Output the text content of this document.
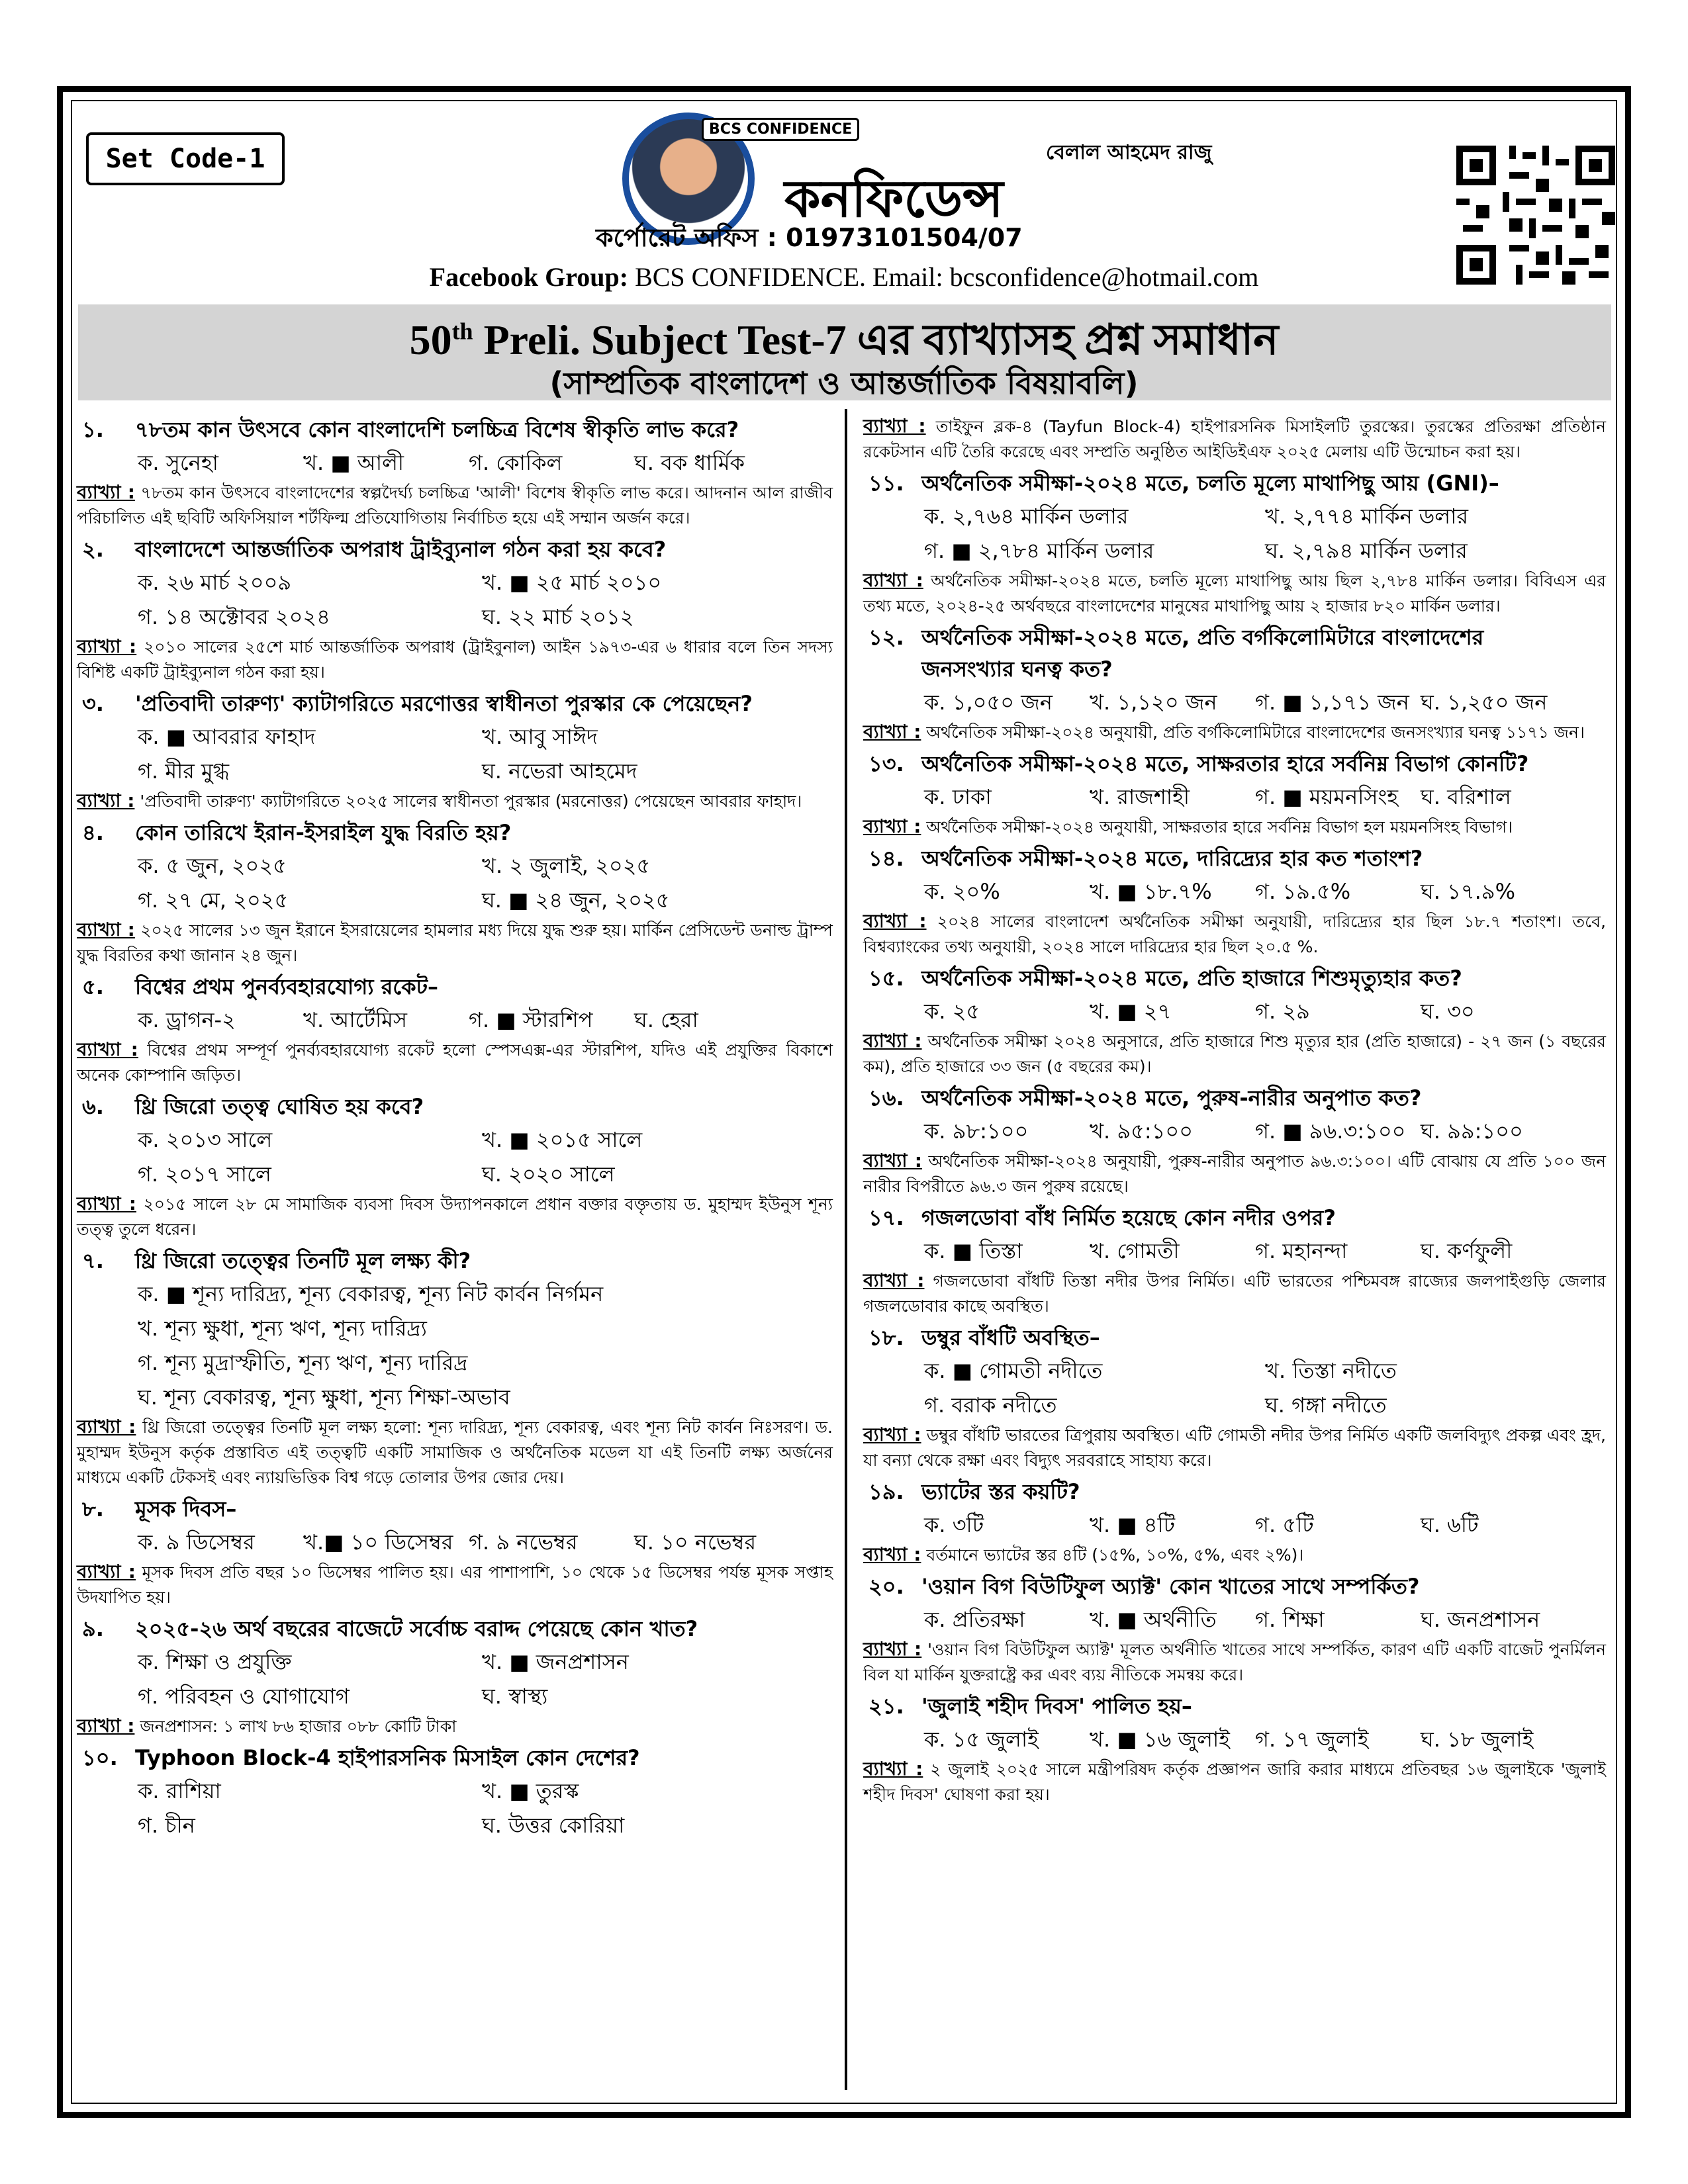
Set Code-1
BCS CONFIDENCE
বেলাল আহমেদ রাজু
কনফিডেন্স
কর্পোরেট অফিস : 01973101504/07
Facebook Group: BCS CONFIDENCE. Email: bcsconfidence@hotmail.com
50th Preli. Subject Test-7 এর ব্যাখ্যাসহ প্রশ্ন সমাধান
(সাম্প্রতিক বাংলাদেশ ও আন্তর্জাতিক বিষয়াবলি)
১. ৭৮তম কান উৎসবে কোন বাংলাদেশি চলচ্চিত্র বিশেষ স্বীকৃতি লাভ করে?
ক. সুনেহা	খ. ■ আলী	গ. কোকিল	ঘ. বক ধার্মিক
ব্যাখ্যা : ৭৮তম কান উৎসবে বাংলাদেশের স্বল্পদৈর্ঘ্য চলচ্চিত্র 'আলী' বিশেষ স্বীকৃতি লাভ করে। আদনান আল রাজীব পরিচালিত এই ছবিটি অফিসিয়াল শর্টফিল্ম প্রতিযোগিতায় নির্বাচিত হয়ে এই সম্মান অর্জন করে।
২. বাংলাদেশে আন্তর্জাতিক অপরাধ ট্রাইব্যুনাল গঠন করা হয় কবে?
ক. ২৬ মার্চ ২০০৯	খ. ■ ২৫ মার্চ ২০১০
গ. ১৪ অক্টোবর ২০২৪	ঘ. ২২ মার্চ ২০১২
ব্যাখ্যা : ২০১০ সালের ২৫শে মার্চ আন্তর্জাতিক অপরাধ (ট্রাইবুনাল) আইন ১৯৭৩-এর ৬ ধারার বলে তিন সদস্য বিশিষ্ট একটি ট্রাইব্যুনাল গঠন করা হয়।
৩. 'প্রতিবাদী তারুণ্য' ক্যাটাগরিতে মরণোত্তর স্বাধীনতা পুরস্কার কে পেয়েছেন?
ক. ■ আবরার ফাহাদ	খ. আবু সাঈদ
গ. মীর মুগ্ধ	ঘ. নভেরা আহমেদ
ব্যাখ্যা : 'প্রতিবাদী তারুণ্য' ক্যাটাগরিতে ২০২৫ সালের স্বাধীনতা পুরস্কার (মরনোত্তর) পেয়েছেন আবরার ফাহাদ।
৪. কোন তারিখে ইরান-ইসরাইল যুদ্ধ বিরতি হয়?
ক. ৫ জুন, ২০২৫	খ. ২ জুলাই, ২০২৫
গ. ২৭ মে, ২০২৫	ঘ. ■ ২৪ জুন, ২০২৫
ব্যাখ্যা : ২০২৫ সালের ১৩ জুন ইরানে ইসরায়েলের হামলার মধ্য দিয়ে যুদ্ধ শুরু হয়। মার্কিন প্রেসিডেন্ট ডনাল্ড ট্রাম্প যুদ্ধ বিরতির কথা জানান ২৪ জুন।
৫. বিশ্বের প্রথম পুনর্ব্যবহারযোগ্য রকেট–
ক. ড্রাগন-২	খ. আর্টেমিস	গ. ■ স্টারশিপ	ঘ. হেরা
ব্যাখ্যা : বিশ্বের প্রথম সম্পূর্ণ পুনর্ব্যবহারযোগ্য রকেট হলো স্পেসএক্স-এর স্টারশিপ, যদিও এই প্রযুক্তির বিকাশে অনেক কোম্পানি জড়িত।
৬. থ্রি জিরো তত্ত্ব ঘোষিত হয় কবে?
ক. ২০১৩ সালে	খ. ■ ২০১৫ সালে
গ. ২০১৭ সালে	ঘ. ২০২০ সালে
ব্যাখ্যা : ২০১৫ সালে ২৮ মে সামাজিক ব্যবসা দিবস উদ্যাপনকালে প্রধান বক্তার বক্তৃতায় ড. মুহাম্মদ ইউনুস শূন্য তত্ত্ব তুলে ধরেন।
৭. থ্রি জিরো তত্ত্বের তিনটি মূল লক্ষ্য কী?
ক. ■ শূন্য দারিদ্র্য, শূন্য বেকারত্ব, শূন্য নিট কার্বন নির্গমন
খ. শূন্য ক্ষুধা, শূন্য ঋণ, শূন্য দারিদ্র্য
গ. শূন্য মুদ্রাস্ফীতি, শূন্য ঋণ, শূন্য দারিদ্র
ঘ. শূন্য বেকারত্ব, শূন্য ক্ষুধা, শূন্য শিক্ষা-অভাব
ব্যাখ্যা : থ্রি জিরো তত্ত্বের তিনটি মূল লক্ষ্য হলো: শূন্য দারিদ্র্য, শূন্য বেকারত্ব, এবং শূন্য নিট কার্বন নিঃসরণ। ড. মুহাম্মদ ইউনুস কর্তৃক প্রস্তাবিত এই তত্ত্বটি একটি সামাজিক ও অর্থনৈতিক মডেল যা এই তিনটি লক্ষ্য অর্জনের মাধ্যমে একটি টেকসই এবং ন্যায়ভিত্তিক বিশ্ব গড়ে তোলার উপর জোর দেয়।
৮. মূসক দিবস–
ক. ৯ ডিসেম্বর	খ.■ ১০ ডিসেম্বর গ. ৯ নভেম্বর	ঘ. ১০ নভেম্বর
ব্যাখ্যা : মূসক দিবস প্রতি বছর ১০ ডিসেম্বর পালিত হয়। এর পাশাপাশি, ১০ থেকে ১৫ ডিসেম্বর পর্যন্ত মূসক সপ্তাহ উদযাপিত হয়।
৯. ২০২৫-২৬ অর্থ বছরের বাজেটে সর্বোচ্চ বরাদ্দ পেয়েছে কোন খাত?
ক. শিক্ষা ও প্রযুক্তি	খ. ■ জনপ্রশাসন
গ. পরিবহন ও যোগাযোগ	ঘ. স্বাস্থ্য
ব্যাখ্যা : জনপ্রশাসন: ১ লাখ ৮৬ হাজার ০৮৮ কোটি টাকা
১০. Typhoon Block-4 হাইপারসনিক মিসাইল কোন দেশের?
ক. রাশিয়া	খ. ■ তুরস্ক
গ. চীন	ঘ. উত্তর কোরিয়া
ব্যাখ্যা : তাইফুন ব্লক-৪ (Tayfun Block-4) হাইপারসনিক মিসাইলটি তুরস্কের। তুরস্কের প্রতিরক্ষা প্রতিষ্ঠান রকেটসান এটি তৈরি করেছে এবং সম্প্রতি অনুষ্ঠিত আইডিইএফ ২০২৫ মেলায় এটি উন্মোচন করা হয়।
১১. অর্থনৈতিক সমীক্ষা-২০২৪ মতে, চলতি মূল্যে মাথাপিছু আয় (GNI)–
ক. ২,৭৬৪ মার্কিন ডলার	খ. ২,৭৭৪ মার্কিন ডলার
গ. ■ ২,৭৮৪ মার্কিন ডলার	ঘ. ২,৭৯৪ মার্কিন ডলার
ব্যাখ্যা : অর্থনৈতিক সমীক্ষা-২০২৪ মতে, চলতি মূল্যে মাথাপিছু আয় ছিল ২,৭৮৪ মার্কিন ডলার। বিবিএস এর তথ্য মতে, ২০২৪-২৫ অর্থবছরে বাংলাদেশের মানুষের মাথাপিছু আয় ২ হাজার ৮২০ মার্কিন ডলার।
১২. অর্থনৈতিক সমীক্ষা-২০২৪ মতে, প্রতি বর্গকিলোমিটারে বাংলাদেশের
জনসংখ্যার ঘনত্ব কত?
ক. ১,০৫০ জন	খ. ১,১২০ জন	গ. ■ ১,১৭১ জন ঘ. ১,২৫০ জন
ব্যাখ্যা : অর্থনৈতিক সমীক্ষা-২০২৪ অনুযায়ী, প্রতি বর্গকিলোমিটারে বাংলাদেশের জনসংখ্যার ঘনত্ব ১১৭১ জন।
১৩. অর্থনৈতিক সমীক্ষা-২০২৪ মতে, সাক্ষরতার হারে সর্বনিম্ন বিভাগ কোনটি?
ক. ঢাকা	খ. রাজশাহী	গ. ■ ময়মনসিংহ	ঘ. বরিশাল
ব্যাখ্যা : অর্থনৈতিক সমীক্ষা-২০২৪ অনুযায়ী, সাক্ষরতার হারে সর্বনিম্ন বিভাগ হল ময়মনসিংহ বিভাগ।
১৪. অর্থনৈতিক সমীক্ষা-২০২৪ মতে, দারিদ্র্যের হার কত শতাংশ?
ক. ২০%	খ. ■ ১৮.৭%	গ. ১৯.৫%	ঘ. ১৭.৯%
ব্যাখ্যা : ২০২৪ সালের বাংলাদেশ অর্থনৈতিক সমীক্ষা অনুযায়ী, দারিদ্র্যের হার ছিল ১৮.৭ শতাংশ। তবে, বিশ্বব্যাংকের তথ্য অনুযায়ী, ২০২৪ সালে দারিদ্র্যের হার ছিল ২০.৫ %.
১৫. অর্থনৈতিক সমীক্ষা-২০২৪ মতে, প্রতি হাজারে শিশুমৃত্যুহার কত?
ক. ২৫	খ. ■ ২৭	গ. ২৯	ঘ. ৩০
ব্যাখ্যা : অর্থনৈতিক সমীক্ষা ২০২৪ অনুসারে, প্রতি হাজারে শিশু মৃত্যুর হার (প্রতি হাজারে) - ২৭ জন (১ বছরের কম), প্রতি হাজারে ৩৩ জন (৫ বছরের কম)।
১৬. অর্থনৈতিক সমীক্ষা-২০২৪ মতে, পুরুষ-নারীর অনুপাত কত?
ক. ৯৮:১০০	খ. ৯৫:১০০	গ. ■ ৯৬.৩:১০০ ঘ. ৯৯:১০০
ব্যাখ্যা : অর্থনৈতিক সমীক্ষা-২০২৪ অনুযায়ী, পুরুষ-নারীর অনুপাত ৯৬.৩:১০০। এটি বোঝায় যে প্রতি ১০০ জন নারীর বিপরীতে ৯৬.৩ জন পুরুষ রয়েছে।
১৭. গজলডোবা বাঁধ নির্মিত হয়েছে কোন নদীর ওপর?
ক. ■ তিস্তা	খ. গোমতী	গ. মহানন্দা	ঘ. কর্ণফুলী
ব্যাখ্যা : গজলডোবা বাঁধটি তিস্তা নদীর উপর নির্মিত। এটি ভারতের পশ্চিমবঙ্গ রাজ্যের জলপাইগুড়ি জেলার গজলডোবার কাছে অবস্থিত।
১৮. ডম্বুর বাঁধটি অবস্থিত–
ক. ■ গোমতী নদীতে	খ. তিস্তা নদীতে
গ. বরাক নদীতে	ঘ. গঙ্গা নদীতে
ব্যাখ্যা : ডম্বুর বাঁধটি ভারতের ত্রিপুরায় অবস্থিত। এটি গোমতী নদীর উপর নির্মিত একটি জলবিদ্যুৎ প্রকল্প এবং হ্রদ, যা বন্যা থেকে রক্ষা এবং বিদ্যুৎ সরবরাহে সাহায্য করে।
১৯. ভ্যাটের স্তর কয়টি?
ক. ৩টি	খ. ■ ৪টি	গ. ৫টি	ঘ. ৬টি
ব্যাখ্যা : বর্তমানে ভ্যাটের স্তর ৪টি (১৫%, ১০%, ৫%, এবং ২%)।
২০. 'ওয়ান বিগ বিউটিফুল অ্যাক্ট' কোন খাতের সাথে সম্পর্কিত?
ক. প্রতিরক্ষা	খ. ■ অর্থনীতি	গ. শিক্ষা	ঘ. জনপ্রশাসন
ব্যাখ্যা : 'ওয়ান বিগ বিউটিফুল অ্যাক্ট' মূলত অর্থনীতি খাতের সাথে সম্পর্কিত, কারণ এটি একটি বাজেট পুনর্মিলন বিল যা মার্কিন যুক্তরাষ্ট্রে কর এবং ব্যয় নীতিকে সমন্বয় করে।
২১. 'জুলাই শহীদ দিবস' পালিত হয়–
ক. ১৫ জুলাই	খ. ■ ১৬ জুলাই	গ. ১৭ জুলাই	ঘ. ১৮ জুলাই
ব্যাখ্যা : ২ জুলাই ২০২৫ সালে মন্ত্রীপরিষদ কর্তৃক প্রজ্ঞাপন জারি করার মাধ্যমে প্রতিবছর ১৬ জুলাইকে 'জুলাই শহীদ দিবস' ঘোষণা করা হয়।
